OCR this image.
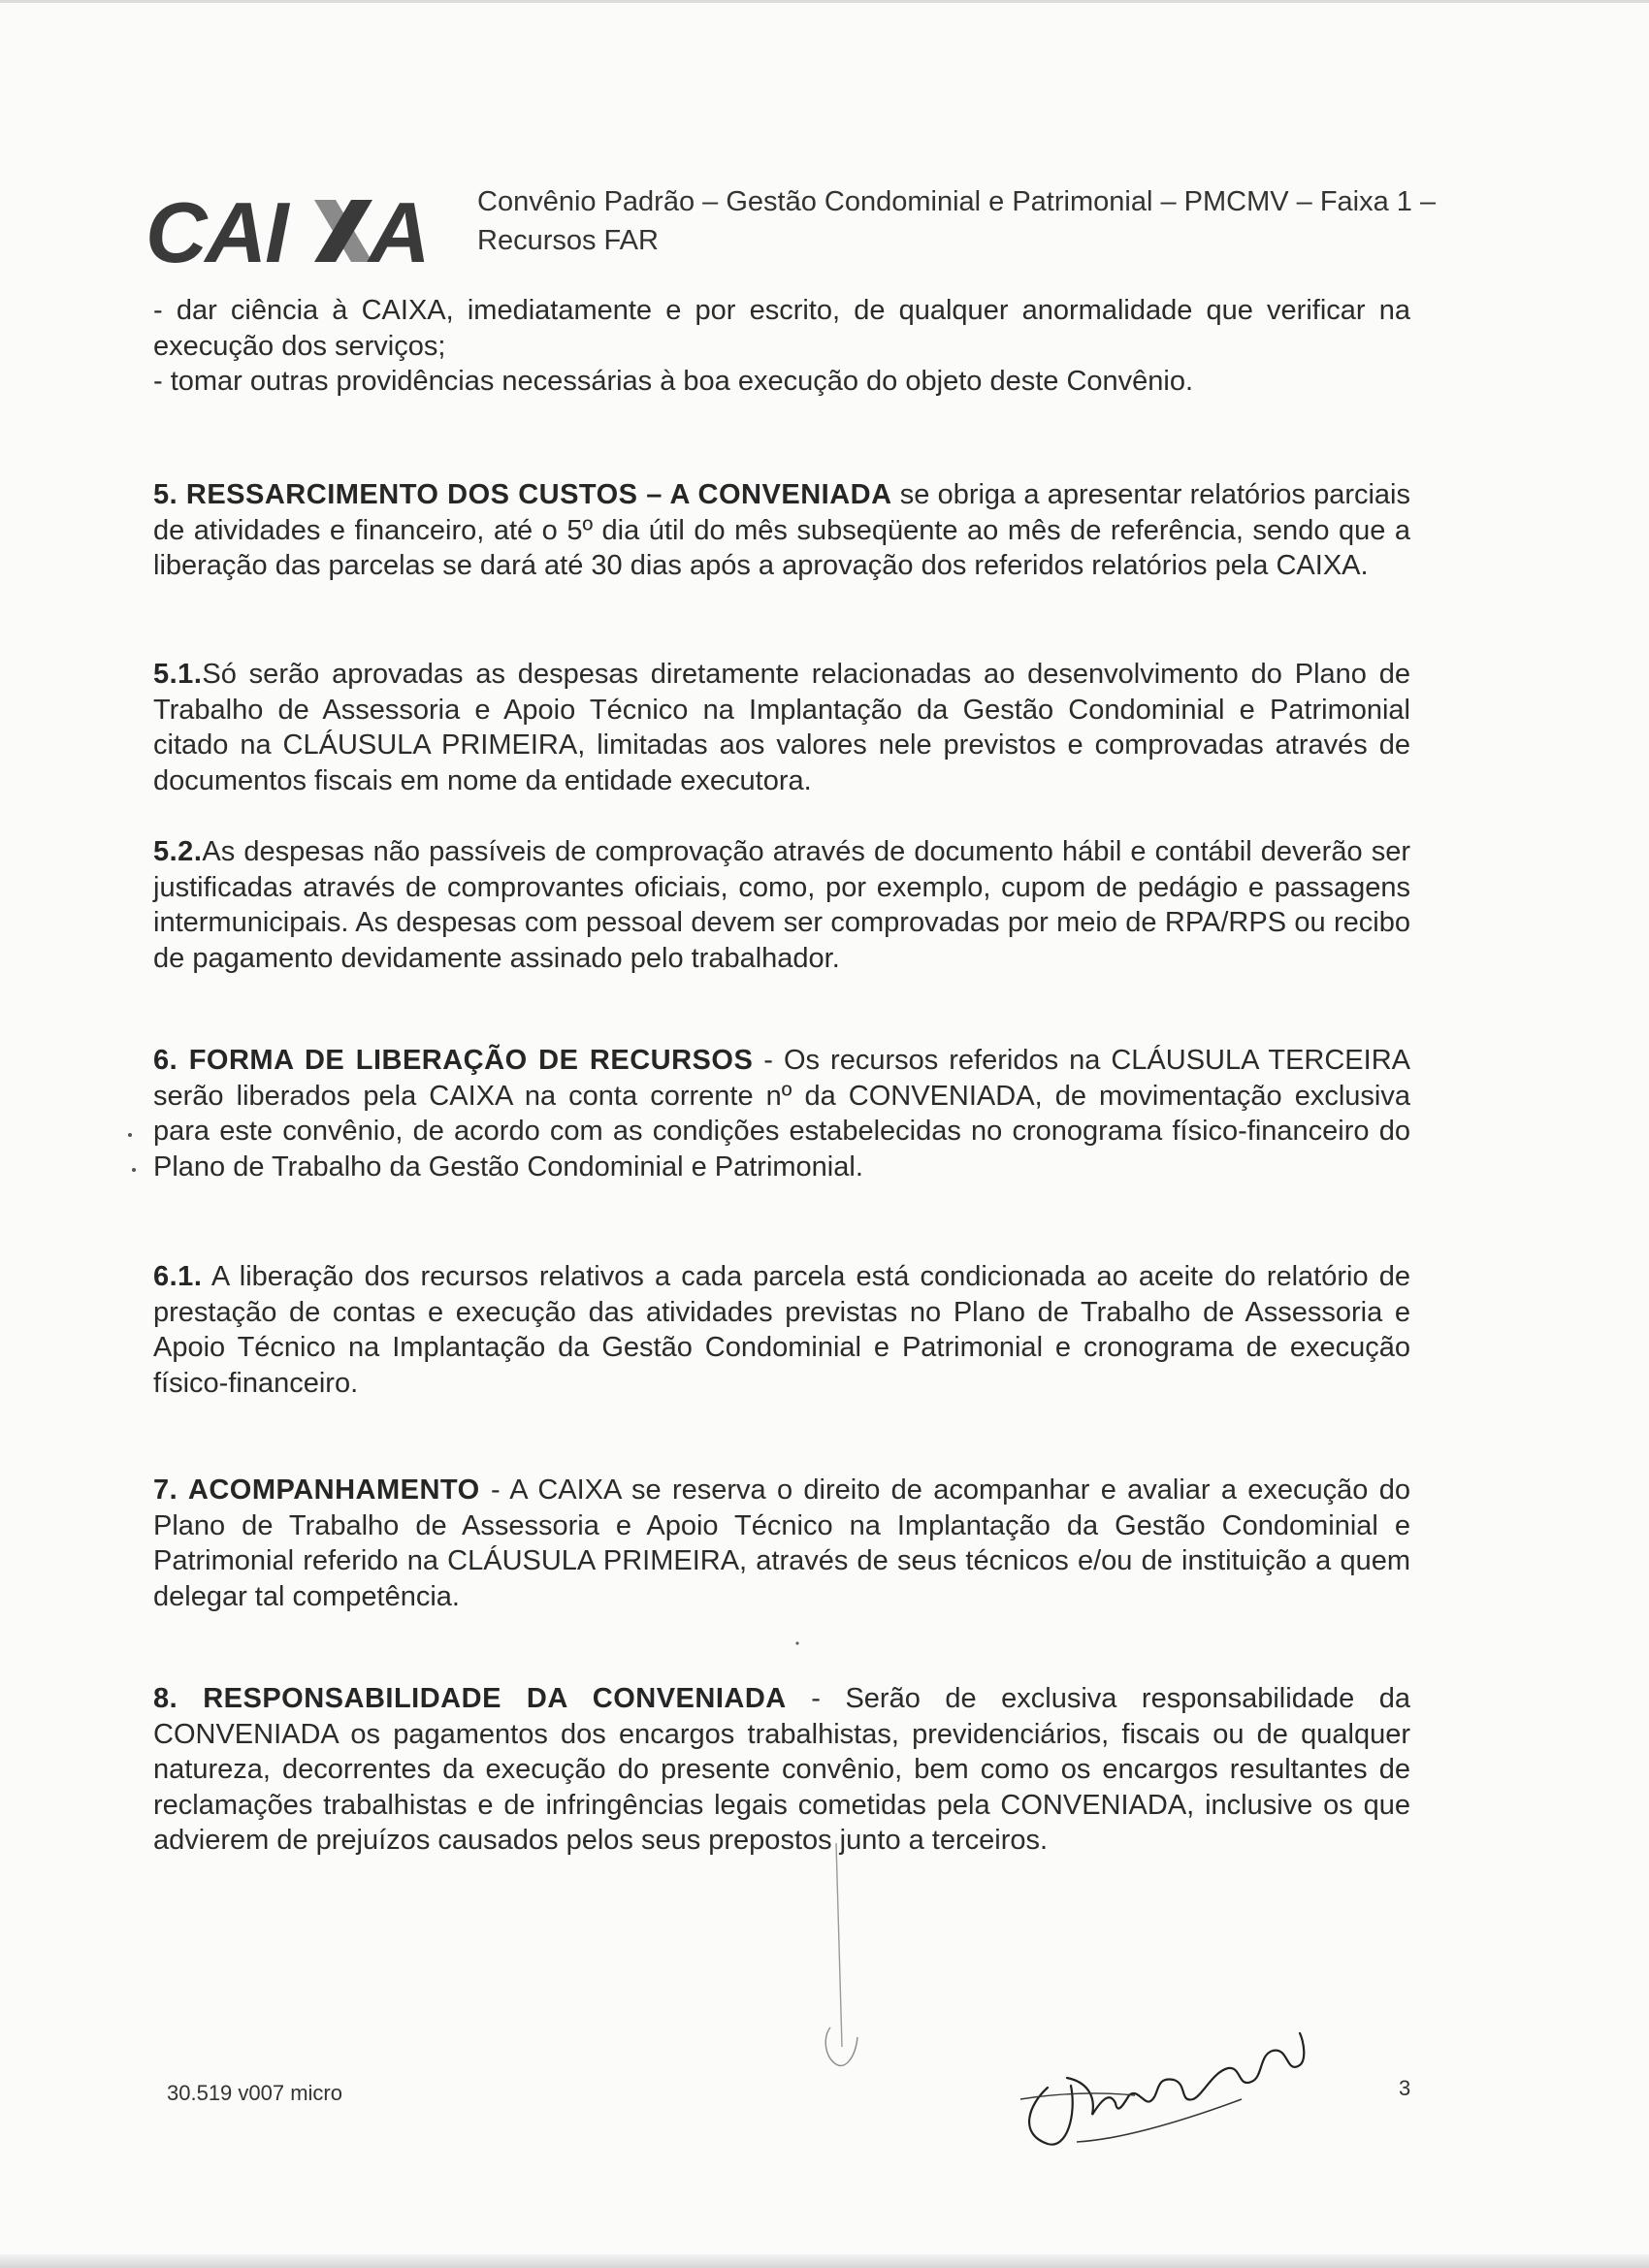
CAI A Convênio Padrão – Gestão Condominial e Patrimonial – PMCMV – Faixa 1 – Recursos FAR

- dar ciência à CAIXA, imediatamente e por escrito, de qualquer anormalidade que verificar na execução dos serviços;

- tomar outras providências necessárias à boa execução do objeto deste Convênio.

5. RESSARCIMENTO DOS CUSTOS – A CONVENIADA se obriga a apresentar relatórios parciais de atividades e financeiro, até o 5º dia útil do mês subseqüente ao mês de referência, sendo que a liberação das parcelas se dará até 30 dias após a aprovação dos referidos relatórios pela CAIXA.
5.1.Só serão aprovadas as despesas diretamente relacionadas ao desenvolvimento do Plano de Trabalho de Assessoria e Apoio Técnico na Implantação da Gestão Condominial e Patrimonial citado na CLÁUSULA PRIMEIRA, limitadas aos valores nele previstos e comprovadas através de documentos fiscais em nome da entidade executora.
5.2.As despesas não passíveis de comprovação através de documento hábil e contábil deverão ser justificadas através de comprovantes oficiais, como, por exemplo, cupom de pedágio e passagens intermunicipais. As despesas com pessoal devem ser comprovadas por meio de RPA/RPS ou recibo de pagamento devidamente assinado pelo trabalhador.
6. FORMA DE LIBERAÇÃO DE RECURSOS - Os recursos referidos na CLÁUSULA TERCEIRA serão liberados pela CAIXA na conta corrente nº da CONVENIADA, de movimentação exclusiva para este convênio, de acordo com as condições estabelecidas no cronograma físico-financeiro do Plano de Trabalho da Gestão Condominial e Patrimonial.
6.1. A liberação dos recursos relativos a cada parcela está condicionada ao aceite do relatório de prestação de contas e execução das atividades previstas no Plano de Trabalho de Assessoria e Apoio Técnico na Implantação da Gestão Condominial e Patrimonial e cronograma de execução físico-financeiro.
7. ACOMPANHAMENTO - A CAIXA se reserva o direito de acompanhar e avaliar a execução do Plano de Trabalho de Assessoria e Apoio Técnico na Implantação da Gestão Condominial e Patrimonial referido na CLÁUSULA PRIMEIRA, através de seus técnicos e/ou de instituição a quem delegar tal competência.
8. RESPONSABILIDADE DA CONVENIADA - Serão de exclusiva responsabilidade da CONVENIADA os pagamentos dos encargos trabalhistas, previdenciários, fiscais ou de qualquer natureza, decorrentes da execução do presente convênio, bem como os encargos resultantes de reclamações trabalhistas e de infringências legais cometidas pela CONVENIADA, inclusive os que advierem de prejuízos causados pelos seus prepostos junto a terceiros.
30.519 v007 micro	3
